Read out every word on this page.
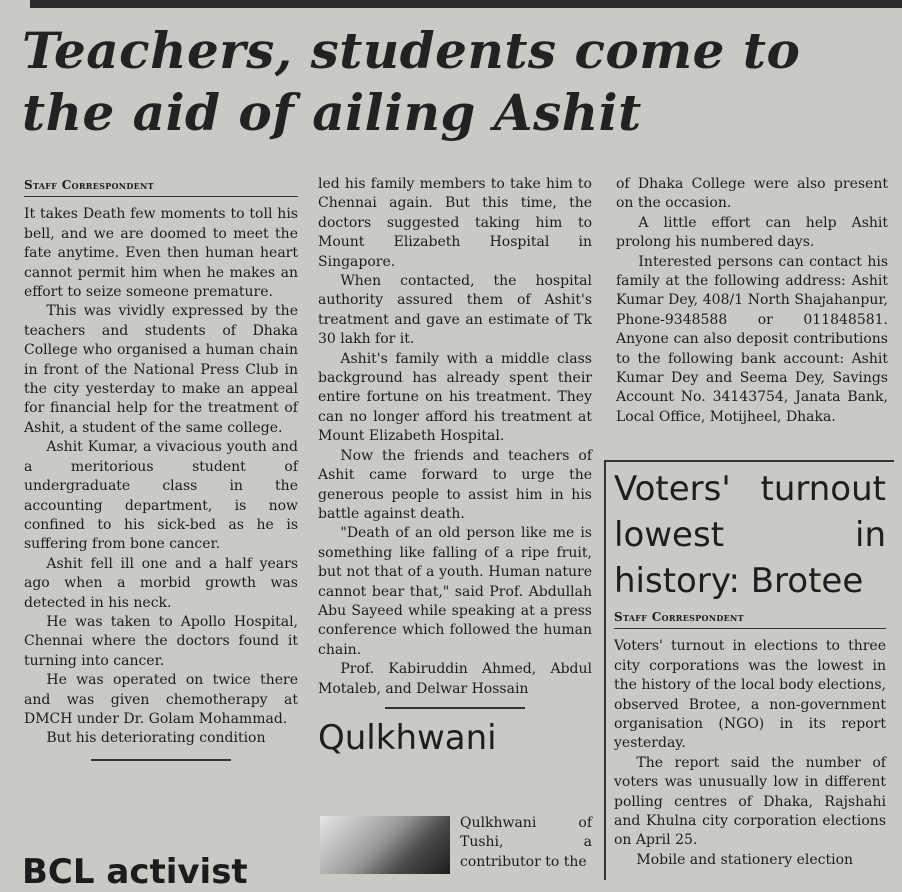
Teachers, students come to the aid of ailing Ashit
Staff Correspondent

It takes Death few moments to toll his bell, and we are doomed to meet the fate anytime. Even then human heart cannot permit him when he makes an effort to seize someone premature.

This was vividly expressed by the teachers and students of Dhaka College who organised a human chain in front of the National Press Club in the city yesterday to make an appeal for financial help for the treatment of Ashit, a student of the same college.

Ashit Kumar, a vivacious youth and a meritorious student of undergraduate class in the accounting department, is now confined to his sick-bed as he is suffering from bone cancer.

Ashit fell ill one and a half years ago when a morbid growth was detected in his neck.

He was taken to Apollo Hospital, Chennai where the doctors found it turning into cancer.

He was operated on twice there and was given chemotherapy at DMCH under Dr. Golam Mohammad.

But his deteriorating condition

led his family members to take him to Chennai again. But this time, the doctors suggested taking him to Mount Elizabeth Hospital in Singapore.

When contacted, the hospital authority assured them of Ashit's treatment and gave an estimate of Tk 30 lakh for it.

Ashit's family with a middle class background has already spent their entire fortune on his treatment. They can no longer afford his treatment at Mount Elizabeth Hospital.

Now the friends and teachers of Ashit came forward to urge the generous people to assist him in his battle against death.

"Death of an old person like me is something like falling of a ripe fruit, but not that of a youth. Human nature cannot bear that," said Prof. Abdullah Abu Sayeed while speaking at a press conference which followed the human chain.

Prof. Kabiruddin Ahmed, Abdul Motaleb, and Delwar Hossain

Qulkhwani

Qulkhwani of Tushi, a contributor to the

of Dhaka College were also present on the occasion.

A little effort can help Ashit prolong his numbered days.

Interested persons can contact his family at the following address: Ashit Kumar Dey, 408/1 North Shajahanpur, Phone-9348588 or 011848581. Anyone can also deposit contributions to the following bank account: Ashit Kumar Dey and Seema Dey, Savings Account No. 34143754, Janata Bank, Local Office, Motijheel, Dhaka.

Voters' turnout lowest in history: Brotee
Staff Correspondent

Voters' turnout in elections to three city corporations was the lowest in the history of the local body elections, observed Brotee, a non-government organisation (NGO) in its report yesterday.

The report said the number of voters was unusually low in different polling centres of Dhaka, Rajshahi and Khulna city corporation elections on April 25.

Mobile and stationery election

BCL activist
